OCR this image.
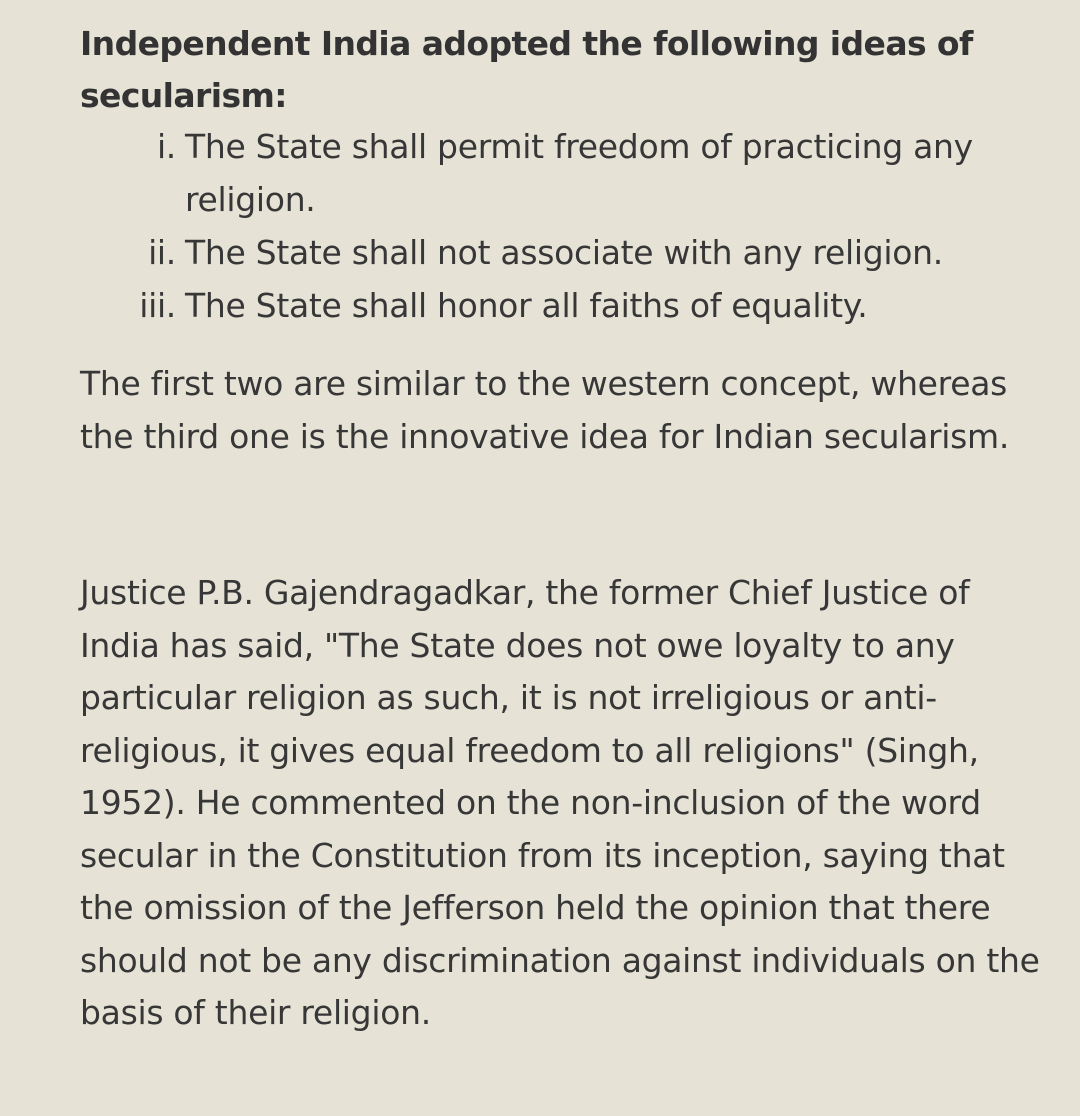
Independent India adopted the following ideas of secularism:
i. The State shall permit freedom of practicing any religion.
ii. The State shall not associate with any religion.
iii. The State shall honor all faiths of equality.

The first two are similar to the western concept, whereas the third one is the innovative idea for Indian secularism.

Justice P.B. Gajendragadkar, the former Chief Justice of India has said, "The State does not owe loyalty to any particular religion as such, it is not irreligious or anti-religious, it gives equal freedom to all religions" (Singh, 1952). He commented on the non-inclusion of the word secular in the Constitution from its inception, saying that the omission of the Jefferson held the opinion that there should not be any discrimination against individuals on the basis of their religion.
